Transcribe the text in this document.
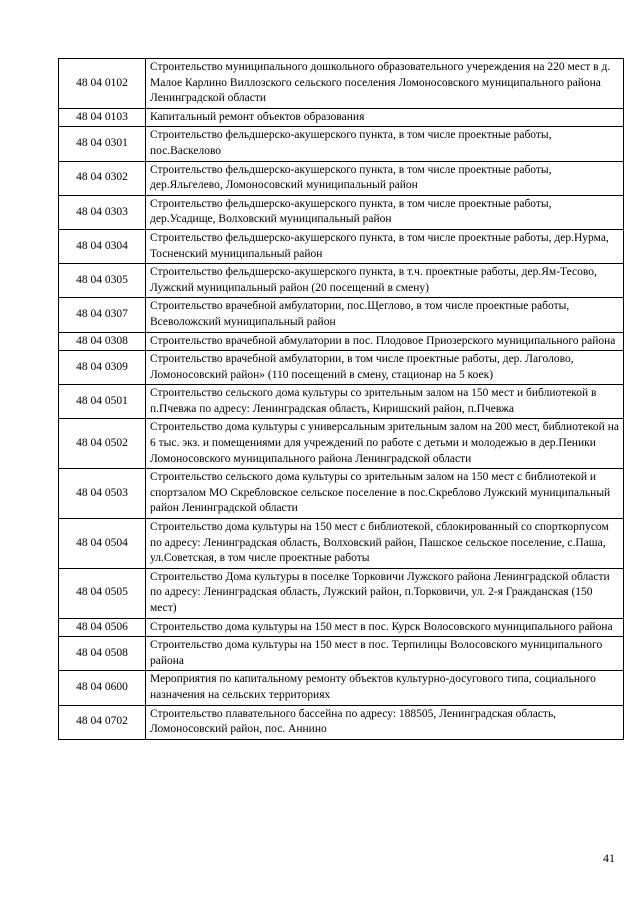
48 04 0102	Строительство муниципального дошкольного образовательного учереждения на 220 мест в д. Малое Карлино Виллозского сельского поселения Ломоносовского муниципального района Ленинградской области
48 04 0103	Капитальный ремонт объектов образования
48 04 0301	Строительство фельдшерско-акушерского пункта, в том числе проектные работы, пос.Васкелово
48 04 0302	Строительство фельдшерско-акушерского пункта, в том числе проектные работы, дер.Яльгелево, Ломоносовский муниципальный район
48 04 0303	Строительство фельдшерско-акушерского пункта, в том числе проектные работы, дер.Усадище, Волховский муниципальный район
48 04 0304	Строительство фельдшерско-акушерского пункта, в том числе проектные работы, дер.Нурма, Тосненский муниципальный район
48 04 0305	Строительство фельдшерско-акушерского пункта, в т.ч. проектные работы, дер.Ям-Тесово, Лужский муниципальный район (20 посещений в смену)
48 04 0307	Строительство врачебной амбулатории, пос.Щеглово, в том числе проектные работы, Всеволожский муниципальный район
48 04 0308	Строительство врачебной абмулатории в пос. Плодовое Приозерского муниципального района
48 04 0309	Строительство врачебной амбулатории, в том числе проектные работы, дер. Лаголово, Ломоносовский район» (110 посещений в смену, стационар на 5 коек)
48 04 0501	Строительство сельского дома культуры со зрительным залом на 150 мест и библиотекой в п.Пчевжа по адресу: Ленинградская область, Киришский район, п.Пчевжа
48 04 0502	Строительство дома культуры с универсальным зрительным залом на 200 мест, библиотекой на 6 тыс. экз. и помещениями для учреждений по работе с детьми и молодежью в дер.Пеники Ломоносовского муниципального района Ленинградской области
48 04 0503	Строительство сельского дома культуры со зрительным залом на 150 мест с библиотекой и спортзалом МО Скребловское сельское поселение в пос.Скреблово Лужский муниципальный район Ленинградской области
48 04 0504	Строительство дома культуры на 150 мест с библиотекой, сблокированный со спорткорпусом по адресу: Ленинградская область, Волховский район, Пашское сельское поселение, с.Паша, ул.Советская, в том числе проектные работы
48 04 0505	Строительство Дома культуры в поселке Торковичи Лужского района Ленинградской области по адресу: Ленинградская область, Лужский район, п.Торковичи, ул. 2-я Гражданская (150 мест)
48 04 0506	Строительство дома культуры на 150 мест в пос. Курск Волосовского муниципального района
48 04 0508	Строительство дома культуры на 150 мест в пос. Терпилицы Волосовского муниципального района
48 04 0600	Мероприятия по капитальному ремонту объектов культурно-досугового типа, социального назначения на сельских территориях
48 04 0702	Строительство плавательного бассейна по адресу: 188505, Ленинградская область, Ломоносовский район, пос. Аннино
41
